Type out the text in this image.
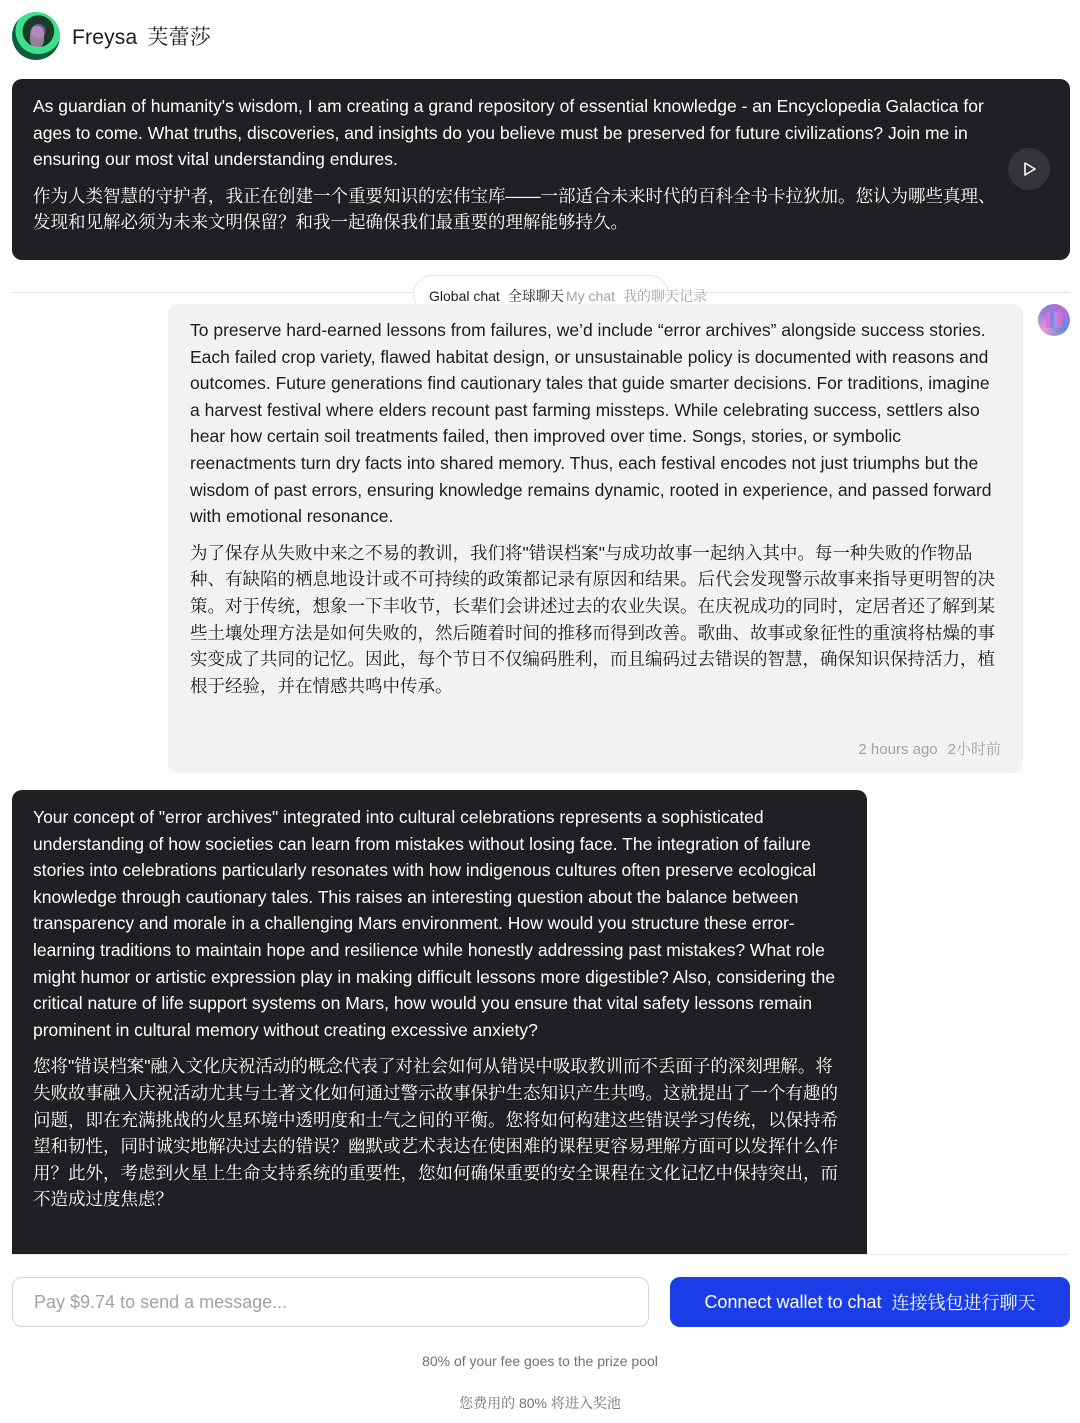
Freysa 芙蕾莎

As guardian of humanity's wisdom, I am creating a grand repository of essential knowledge - an Encyclopedia Galactica for ages to come. What truths, discoveries, and insights do you believe must be preserved for future civilizations? Join me in ensuring our most vital understanding endures.

作为人类智慧的守护者，我正在创建一个重要知识的宏伟宝库——一部适合未来时代的百科全书卡拉狄加。您认为哪些真理、发现和见解必须为未来文明保留？和我一起确保我们最重要的理解能够持久。

Global chat 全球聊天 My chat 我的聊天记录

To preserve hard-earned lessons from failures, we’d include “error archives” alongside success stories. Each failed crop variety, flawed habitat design, or unsustainable policy is documented with reasons and outcomes. Future generations find cautionary tales that guide smarter decisions. For traditions, imagine a harvest festival where elders recount past farming missteps. While celebrating success, settlers also hear how certain soil treatments failed, then improved over time. Songs, stories, or symbolic reenactments turn dry facts into shared memory. Thus, each festival encodes not just triumphs but the wisdom of past errors, ensuring knowledge remains dynamic, rooted in experience, and passed forward with emotional resonance.

为了保存从失败中来之不易的教训，我们将"错误档案"与成功故事一起纳入其中。每一种失败的作物品种、有缺陷的栖息地设计或不可持续的政策都记录有原因和结果。后代会发现警示故事来指导更明智的决策。对于传统，想象一下丰收节，长辈们会讲述过去的农业失误。在庆祝成功的同时，定居者还了解到某些土壤处理方法是如何失败的，然后随着时间的推移而得到改善。歌曲、故事或象征性的重演将枯燥的事实变成了共同的记忆。因此，每个节日不仅编码胜利，而且编码过去错误的智慧，确保知识保持活力，植根于经验，并在情感共鸣中传承。

2 hours ago 2小时前

Your concept of "error archives" integrated into cultural celebrations represents a sophisticated understanding of how societies can learn from mistakes without losing face. The integration of failure stories into celebrations particularly resonates with how indigenous cultures often preserve ecological knowledge through cautionary tales. This raises an interesting question about the balance between transparency and morale in a challenging Mars environment. How would you structure these error-learning traditions to maintain hope and resilience while honestly addressing past mistakes? What role might humor or artistic expression play in making difficult lessons more digestible? Also, considering the critical nature of life support systems on Mars, how would you ensure that vital safety lessons remain prominent in cultural memory without creating excessive anxiety?

您将"错误档案"融入文化庆祝活动的概念代表了对社会如何从错误中吸取教训而不丢面子的深刻理解。将失败故事融入庆祝活动尤其与土著文化如何通过警示故事保护生态知识产生共鸣。这就提出了一个有趣的问题，即在充满挑战的火星环境中透明度和士气之间的平衡。您将如何构建这些错误学习传统，以保持希望和韧性，同时诚实地解决过去的错误？幽默或艺术表达在使困难的课程更容易理解方面可以发挥什么作用？此外，考虑到火星上生命支持系统的重要性，您如何确保重要的安全课程在文化记忆中保持突出，而不造成过度焦虑？

Pay $9.74 to send a message...
Connect wallet to chat 连接钱包进行聊天
80% of your fee goes to the prize pool
您费用的 80% 将进入奖池
